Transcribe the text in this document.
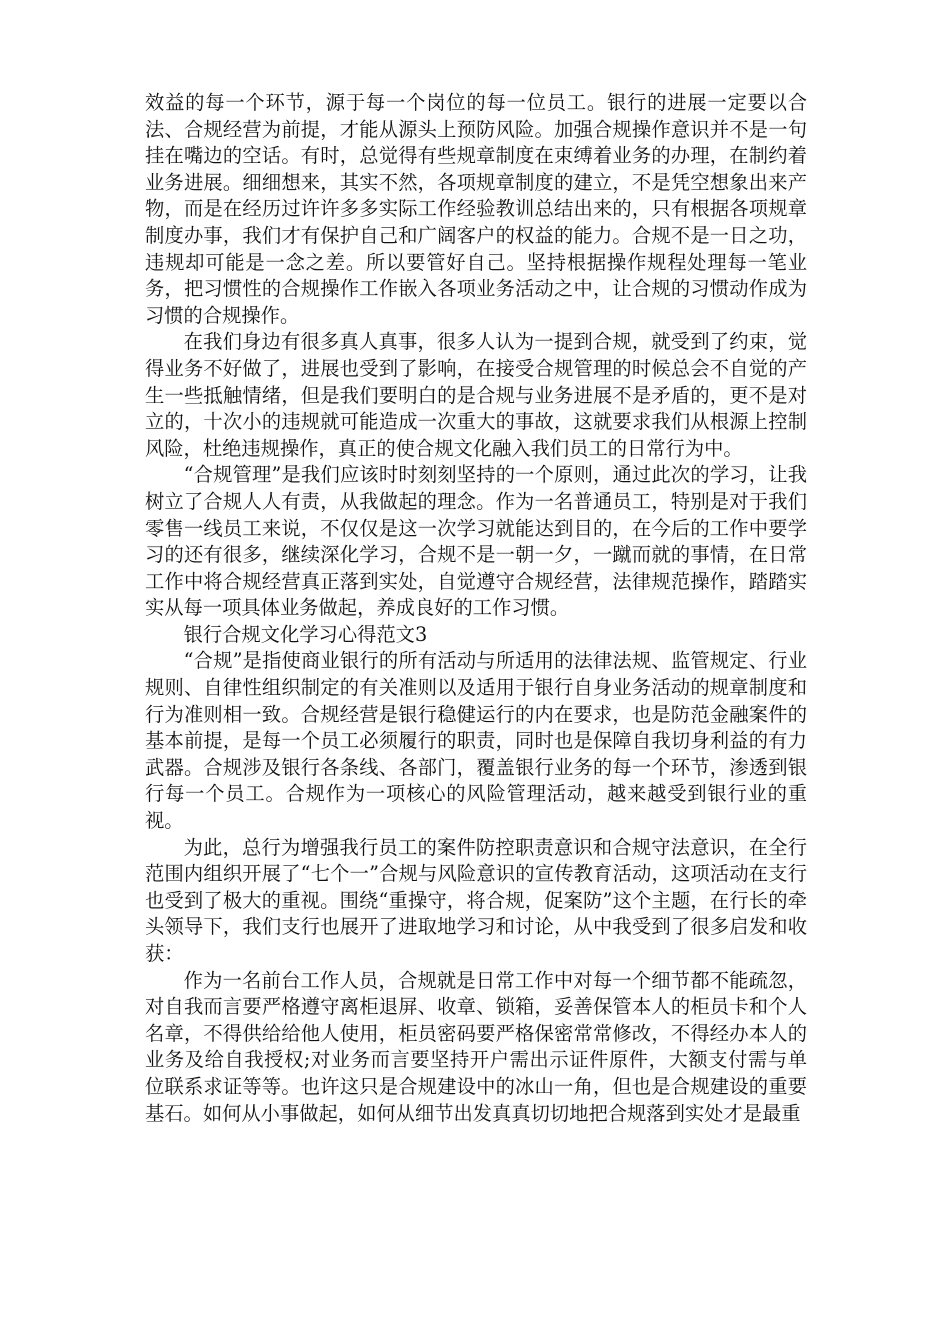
效益的每一个环节，源于每一个岗位的每一位员工。银行的进展一定要以合法、合规经营为前提，才能从源头上预防风险。加强合规操作意识并不是一句挂在嘴边的空话。有时，总觉得有些规章制度在束缚着业务的办理，在制约着业务进展。细细想来，其实不然，各项规章制度的建立，不是凭空想象出来产物，而是在经历过许许多多实际工作经验教训总结出来的，只有根据各项规章制度办事，我们才有保护自己和广阔客户的权益的能力。合规不是一日之功，违规却可能是一念之差。所以要管好自己。坚持根据操作规程处理每一笔业务，把习惯性的合规操作工作嵌入各项业务活动之中，让合规的习惯动作成为习惯的合规操作。

在我们身边有很多真人真事，很多人认为一提到合规，就受到了约束，觉得业务不好做了，进展也受到了影响，在接受合规管理的时候总会不自觉的产生一些抵触情绪，但是我们要明白的是合规与业务进展不是矛盾的，更不是对立的，十次小的违规就可能造成一次重大的事故，这就要求我们从根源上控制风险，杜绝违规操作，真正的使合规文化融入我们员工的日常行为中。

“合规管理”是我们应该时时刻刻坚持的一个原则，通过此次的学习，让我树立了合规人人有责，从我做起的理念。作为一名普通员工，特别是对于我们零售一线员工来说，不仅仅是这一次学习就能达到目的，在今后的工作中要学习的还有很多，继续深化学习，合规不是一朝一夕，一蹴而就的事情，在日常工作中将合规经营真正落到实处，自觉遵守合规经营，法律规范操作，踏踏实实从每一项具体业务做起，养成良好的工作习惯。

银行合规文化学习心得范文3

“合规”是指使商业银行的所有活动与所适用的法律法规、监管规定、行业规则、自律性组织制定的有关准则以及适用于银行自身业务活动的规章制度和行为准则相一致。合规经营是银行稳健运行的内在要求，也是防范金融案件的基本前提，是每一个员工必须履行的职责，同时也是保障自我切身利益的有力武器。合规涉及银行各条线、各部门，覆盖银行业务的每一个环节，渗透到银行每一个员工。合规作为一项核心的风险管理活动，越来越受到银行业的重视。

为此，总行为增强我行员工的案件防控职责意识和合规守法意识，在全行范围内组织开展了“七个一”合规与风险意识的宣传教育活动，这项活动在支行也受到了极大的重视。围绕“重操守，将合规，促案防”这个主题，在行长的牵头领导下，我们支行也展开了进取地学习和讨论，从中我受到了很多启发和收获：

作为一名前台工作人员，合规就是日常工作中对每一个细节都不能疏忽，对自我而言要严格遵守离柜退屏、收章、锁箱，妥善保管本人的柜员卡和个人名章，不得供给给他人使用，柜员密码要严格保密常常修改，不得经办本人的业务及给自我授权;对业务而言要坚持开户需出示证件原件，大额支付需与单位联系求证等等。也许这只是合规建设中的冰山一角，但也是合规建设的重要基石。如何从小事做起，如何从细节出发真真切切地把合规落到实处才是最重
